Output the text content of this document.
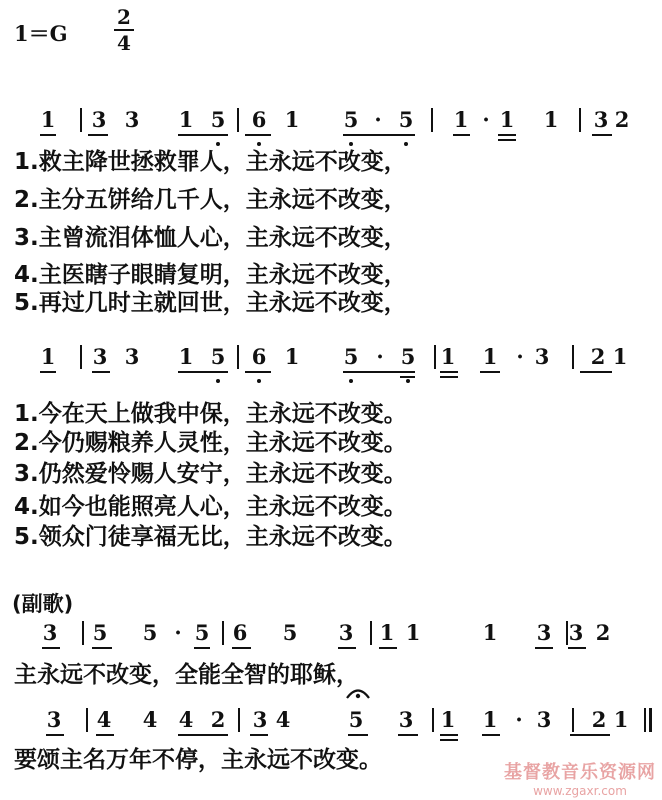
1＝G
2
4
1 3 3 1 5 6 1 5 · 5 1 · 1 1 3 2
1.救主降世拯救罪人，主永远不改变，
2.主分五饼给几千人，主永远不改变，
3.主曾流泪体恤人心，主永远不改变，
4.主医瞎子眼睛复明，主永远不改变，
5.再过几时主就回世，主永远不改变，
1 3 3 1 5 6 1 5 · 5 1 1 · 3 2 1
1.今在天上做我中保，主永远不改变。
2.今仍赐粮养人灵性，主永远不改变。
3.仍然爱怜赐人安宁，主永远不改变。
4.如今也能照亮人心，主永远不改变。
5.领众门徒享福无比，主永远不改变。
(副歌)
3 5 5 · 5 6 5 3 1 1	1 3 3 2
主永远不改变，全能全智的耶稣，
3 4 4 4 2 3 4	5 3 1 1 · 3 2 1
要颂主名万年不停，主永远不改变。	基督教音乐资源网
www.zgaxr.com
